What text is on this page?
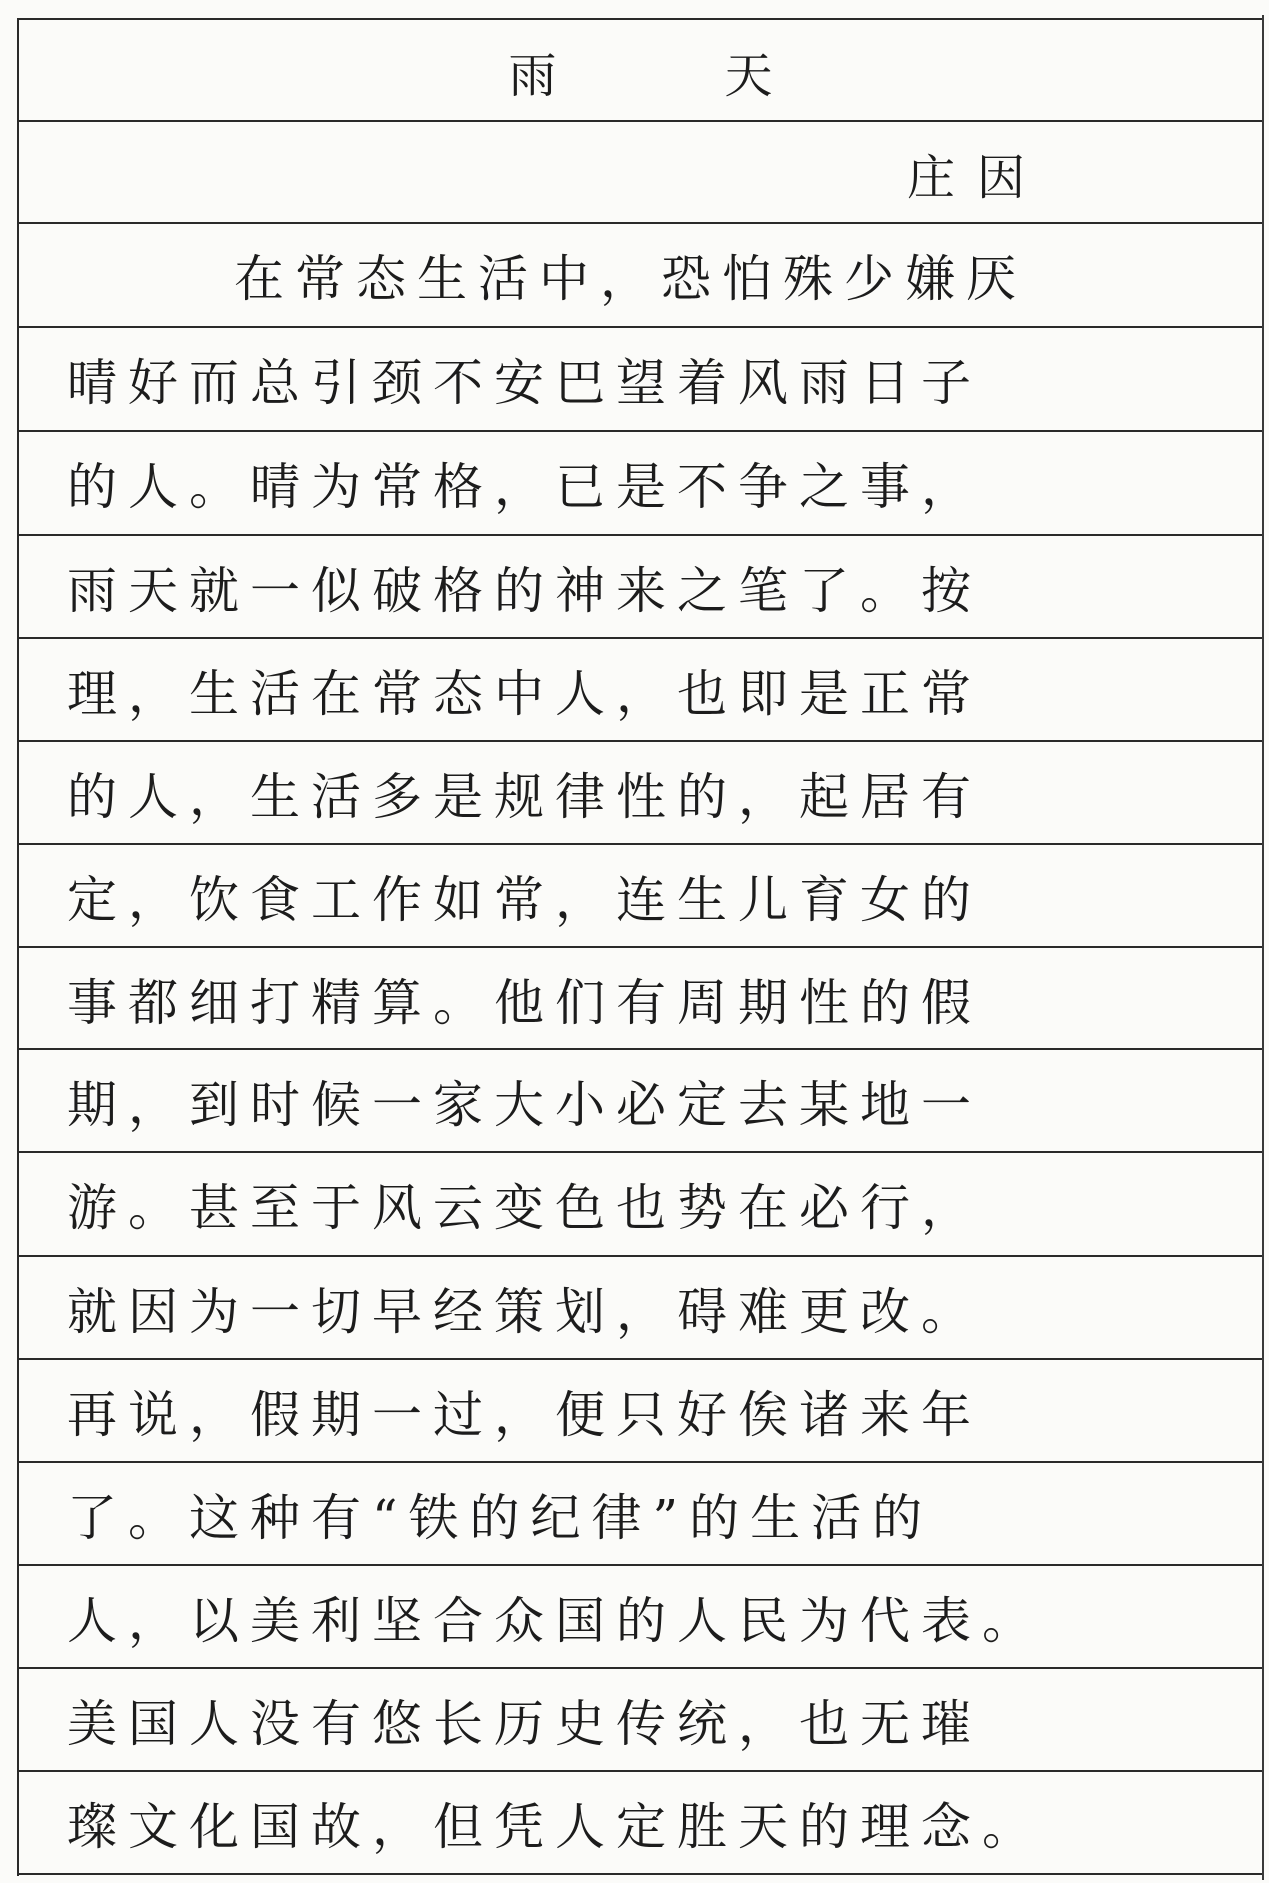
雨　天
庄因
在常态生活中，恐怕殊少嫌厌
晴好而总引颈不安巴望着风雨日子
的人。晴为常格，已是不争之事，
雨天就一似破格的神来之笔了。按
理，生活在常态中人，也即是正常
的人，生活多是规律性的，起居有
定，饮食工作如常，连生儿育女的
事都细打精算。他们有周期性的假
期，到时候一家大小必定去某地一
游。甚至于风云变色也势在必行，
就因为一切早经策划，碍难更改。
再说，假期一过，便只好俟诸来年
了。这种有“铁的纪律”的生活的
人，以美利坚合众国的人民为代表。
美国人没有悠长历史传统，也无璀
璨文化国故，但凭人定胜天的理念。
